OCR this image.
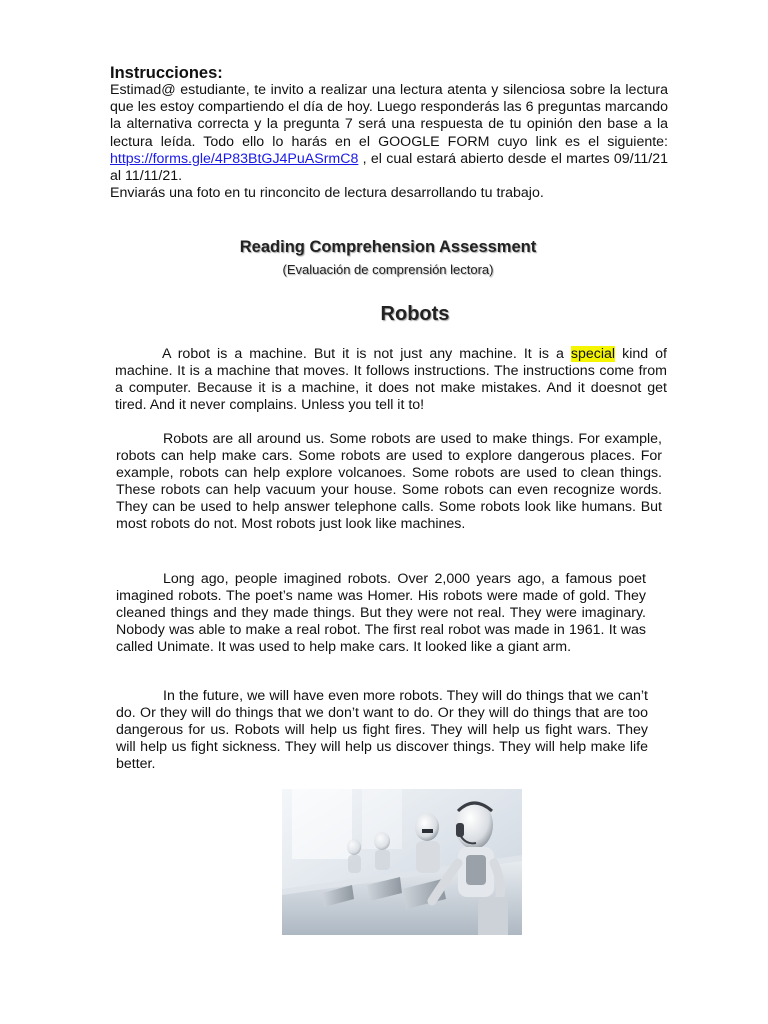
Instrucciones:

Estimad@ estudiante, te invito a realizar una lectura atenta y silenciosa sobre la lectura que les estoy compartiendo el día de hoy. Luego responderás las 6 preguntas marcando la alternativa correcta y la pregunta 7 será una respuesta de tu opinión den base a la lectura leída. Todo ello lo harás en el GOOGLE FORM cuyo link es el siguiente: https://forms.gle/4P83BtGJ4PuASrmC8 , el cual estará abierto desde el martes 09/11/21 al 11/11/21.

Enviarás una foto en tu rinconcito de lectura desarrollando tu trabajo.

Reading Comprehension Assessment

(Evaluación de comprensión lectora)

Robots

A robot is a machine. But it is not just any machine. It is a special kind of machine. It is a machine that moves. It follows instructions. The instructions come from a computer. Because it is a machine, it does not make mistakes. And it doesnot get tired. And it never complains. Unless you tell it to!

Robots are all around us. Some robots are used to make things. For example, robots can help make cars. Some robots are used to explore dangerous places. For example, robots can help explore volcanoes. Some robots are used to clean things. These robots can help vacuum your house. Some robots can even recognize words. They can be used to help answer telephone calls. Some robots look like humans. But most robots do not. Most robots just look like machines.

Long ago, people imagined robots. Over 2,000 years ago, a famous poet imagined robots. The poet’s name was Homer. His robots were made of gold. They cleaned things and they made things. But they were not real. They were imaginary. Nobody was able to make a real robot. The first real robot was made in 1961. It was called Unimate. It was used to help make cars. It looked like a giant arm.

In the future, we will have even more robots. They will do things that we can’t do. Or they will do things that we don’t want to do. Or they will do things that are too dangerous for us. Robots will help us fight fires. They will help us fight wars. They will help us fight sickness. They will help us discover things. They will help make life better.
